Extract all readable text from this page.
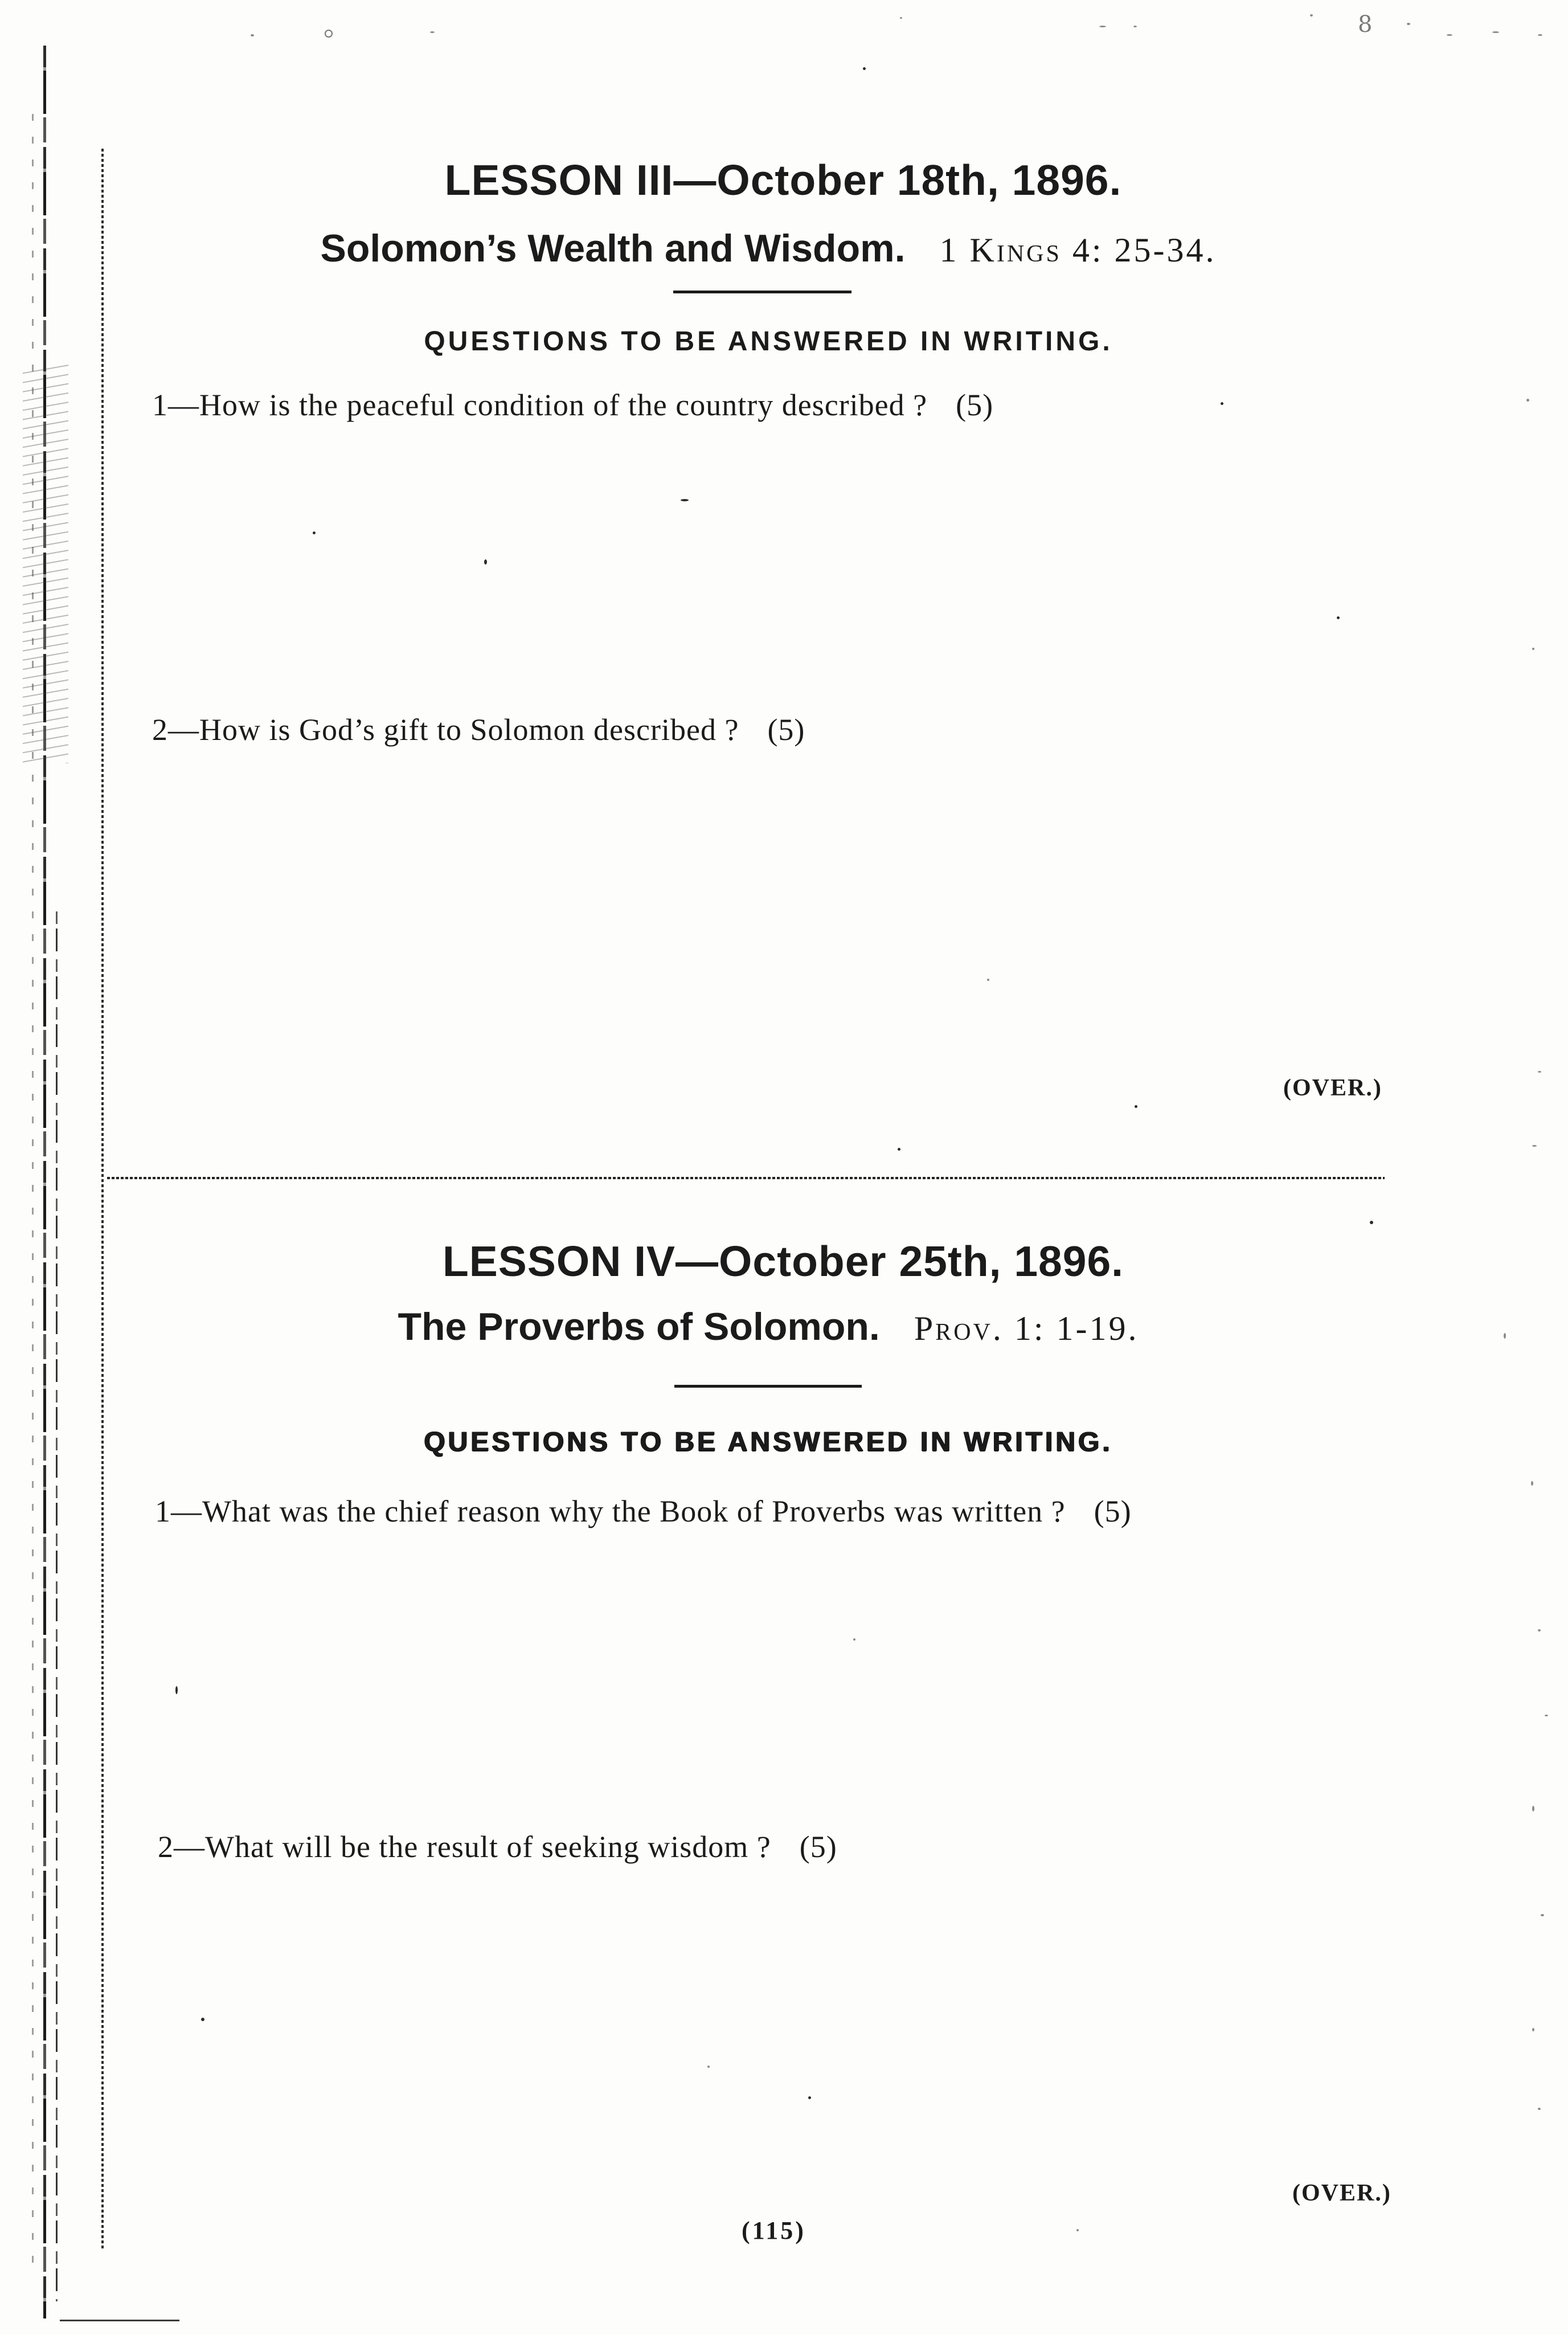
8
LESSON III—October 18th, 1896.
Solomon’s Wealth and Wisdom. 1 Kings 4: 25-34.
QUESTIONS TO BE ANSWERED IN WRITING.
1—How is the peaceful condition of the country described ? (5)
2—How is God’s gift to Solomon described ? (5)
(OVER.)
LESSON IV—October 25th, 1896.
The Proverbs of Solomon. Prov. 1: 1-19.
QUESTIONS TO BE ANSWERED IN WRITING.
1—What was the chief reason why the Book of Proverbs was written ? (5)
2—What will be the result of seeking wisdom ? (5)
(OVER.)
(115)
